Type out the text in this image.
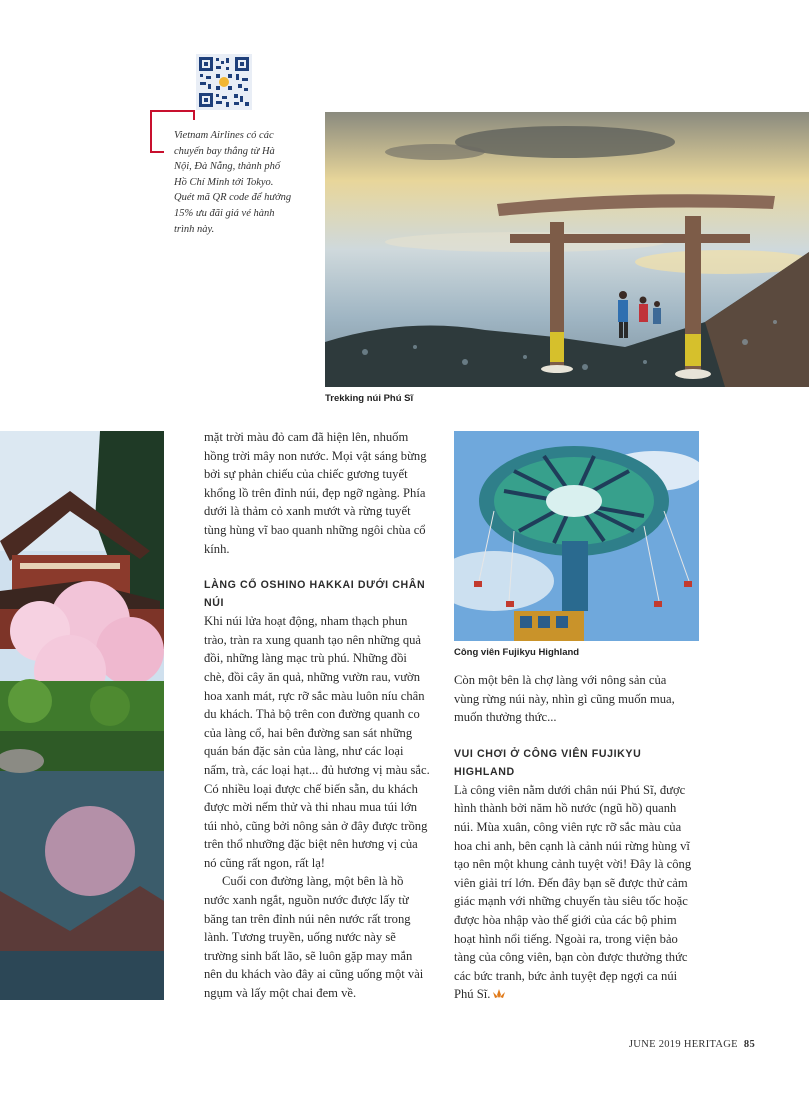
Vietnam Airlines có các chuyến bay thẳng từ Hà Nội, Đà Nẵng, thành phố Hồ Chí Minh tới Tokyo. Quét mã QR code để hưởng 15% ưu đãi giá vé hành trình này.
Trekking núi Phú Sĩ
Công viên Fujikyu Highland

mặt trời màu đỏ cam đã hiện lên, nhuốm hồng trời mây non nước. Mọi vật sáng bừng bởi sự phản chiếu của chiếc gương tuyết khổng lồ trên đỉnh núi, đẹp ngỡ ngàng. Phía dưới là thảm cỏ xanh mướt và rừng tuyết tùng hùng vĩ bao quanh những ngôi chùa cổ kính.

LÀNG CỔ OSHINO HAKKAI DƯỚI CHÂN NÚI

Khi núi lửa hoạt động, nham thạch phun trào, tràn ra xung quanh tạo nên những quả đồi, những làng mạc trù phú. Những đồi chè, đồi cây ăn quả, những vườn rau, vườn hoa xanh mát, rực rỡ sắc màu luôn níu chân du khách. Thả bộ trên con đường quanh co của làng cổ, hai bên đường san sát những quán bán đặc sản của làng, như các loại nấm, trà, các loại hạt... đủ hương vị màu sắc. Có nhiều loại được chế biến sẵn, du khách được mời nếm thử và thi nhau mua túi lớn túi nhỏ, cũng bởi nông sản ở đây được trồng trên thổ nhưỡng đặc biệt nên hương vị của nó cũng rất ngon, rất lạ!

Cuối con đường làng, một bên là hồ nước xanh ngắt, nguồn nước được lấy từ băng tan trên đỉnh núi nên nước rất trong lành. Tương truyền, uống nước này sẽ trường sinh bất lão, sẽ luôn gặp may mắn nên du khách vào đây ai cũng uống một vài ngụm và lấy một chai đem về.

Còn một bên là chợ làng với nông sản của vùng rừng núi này, nhìn gì cũng muốn mua, muốn thưởng thức...

VUI CHƠI Ở CÔNG VIÊN FUJIKYU HIGHLAND

Là công viên nằm dưới chân núi Phú Sĩ, được hình thành bởi năm hồ nước (ngũ hồ) quanh núi. Mùa xuân, công viên rực rỡ sắc màu của hoa chi anh, bên cạnh là cảnh núi rừng hùng vĩ tạo nên một khung cảnh tuyệt vời! Đây là công viên giải trí lớn. Đến đây bạn sẽ được thử cảm giác mạnh với những chuyến tàu siêu tốc hoặc được hòa nhập vào thế giới của các bộ phim hoạt hình nổi tiếng. Ngoài ra, trong viện bảo tàng của công viên, bạn còn được thưởng thức các bức tranh, bức ảnh tuyệt đẹp ngợi ca núi Phú Sĩ.

JUNE 2019 HERITAGE 85
